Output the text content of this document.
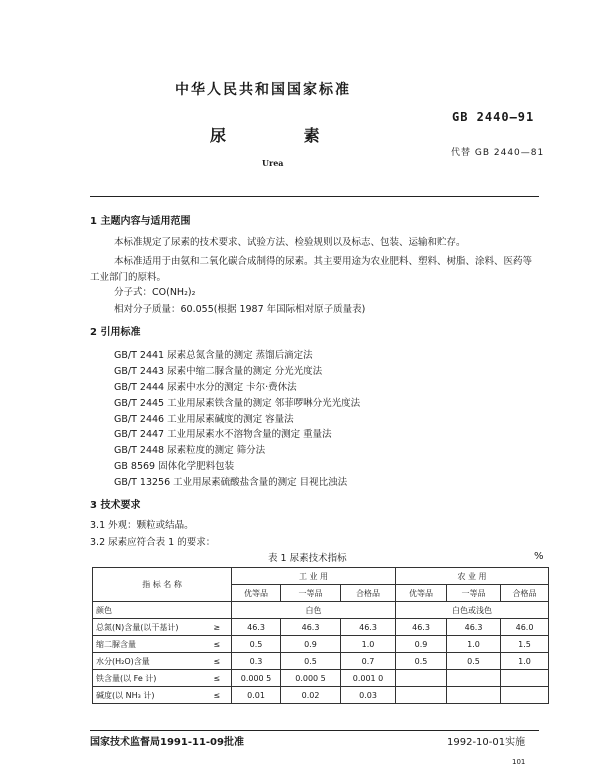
中华人民共和国国家标准
GB 2440—91
尿 素
代替 GB 2440—81
Urea
1 主题内容与适用范围
本标准规定了尿素的技术要求、试验方法、检验规则以及标志、包装、运输和贮存。
本标准适用于由氨和二氧化碳合成制得的尿素。其主要用途为农业肥料、塑料、树脂、涂料、医药等
工业部门的原料。
分子式：CO(NH₂)₂
相对分子质量：60.055(根据 1987 年国际相对原子质量表)
2 引用标准
GB/T 2441 尿素总氮含量的测定 蒸馏后滴定法
GB/T 2443 尿素中缩二脲含量的测定 分光光度法
GB/T 2444 尿素中水分的测定 卡尔·费休法
GB/T 2445 工业用尿素铁含量的测定 邻菲啰啉分光光度法
GB/T 2446 工业用尿素碱度的测定 容量法
GB/T 2447 工业用尿素水不溶物含量的测定 重量法
GB/T 2448 尿素粒度的测定 筛分法
GB 8569 固体化学肥料包装
GB/T 13256 工业用尿素硫酸盐含量的测定 目视比浊法
3 技术要求
3.1 外观：颗粒或结晶。
3.2 尿素应符合表 1 的要求：
表 1 尿素技术指标	%
指 标 名 称		工 业 用			农 业 用		
		优等品	一等品	合格品	优等品	一等品	合格品
颜色		白色			白色或浅色		
总氮(N)含量(以干基计)	≥	46.3	46.3	46.3	46.3	46.3	46.0
缩二脲含量	≤	0.5	0.9	1.0	0.9	1.0	1.5
水分(H₂O)含量	≤	0.3	0.5	0.7	0.5	0.5	1.0
铁含量(以 Fe 计)	≤	0.000 5	0.000 5	0.001 0			
碱度(以 NH₃ 计)	≤	0.01	0.02	0.03			
国家技术监督局1991-11-09批准	1992-10-01实施
101
